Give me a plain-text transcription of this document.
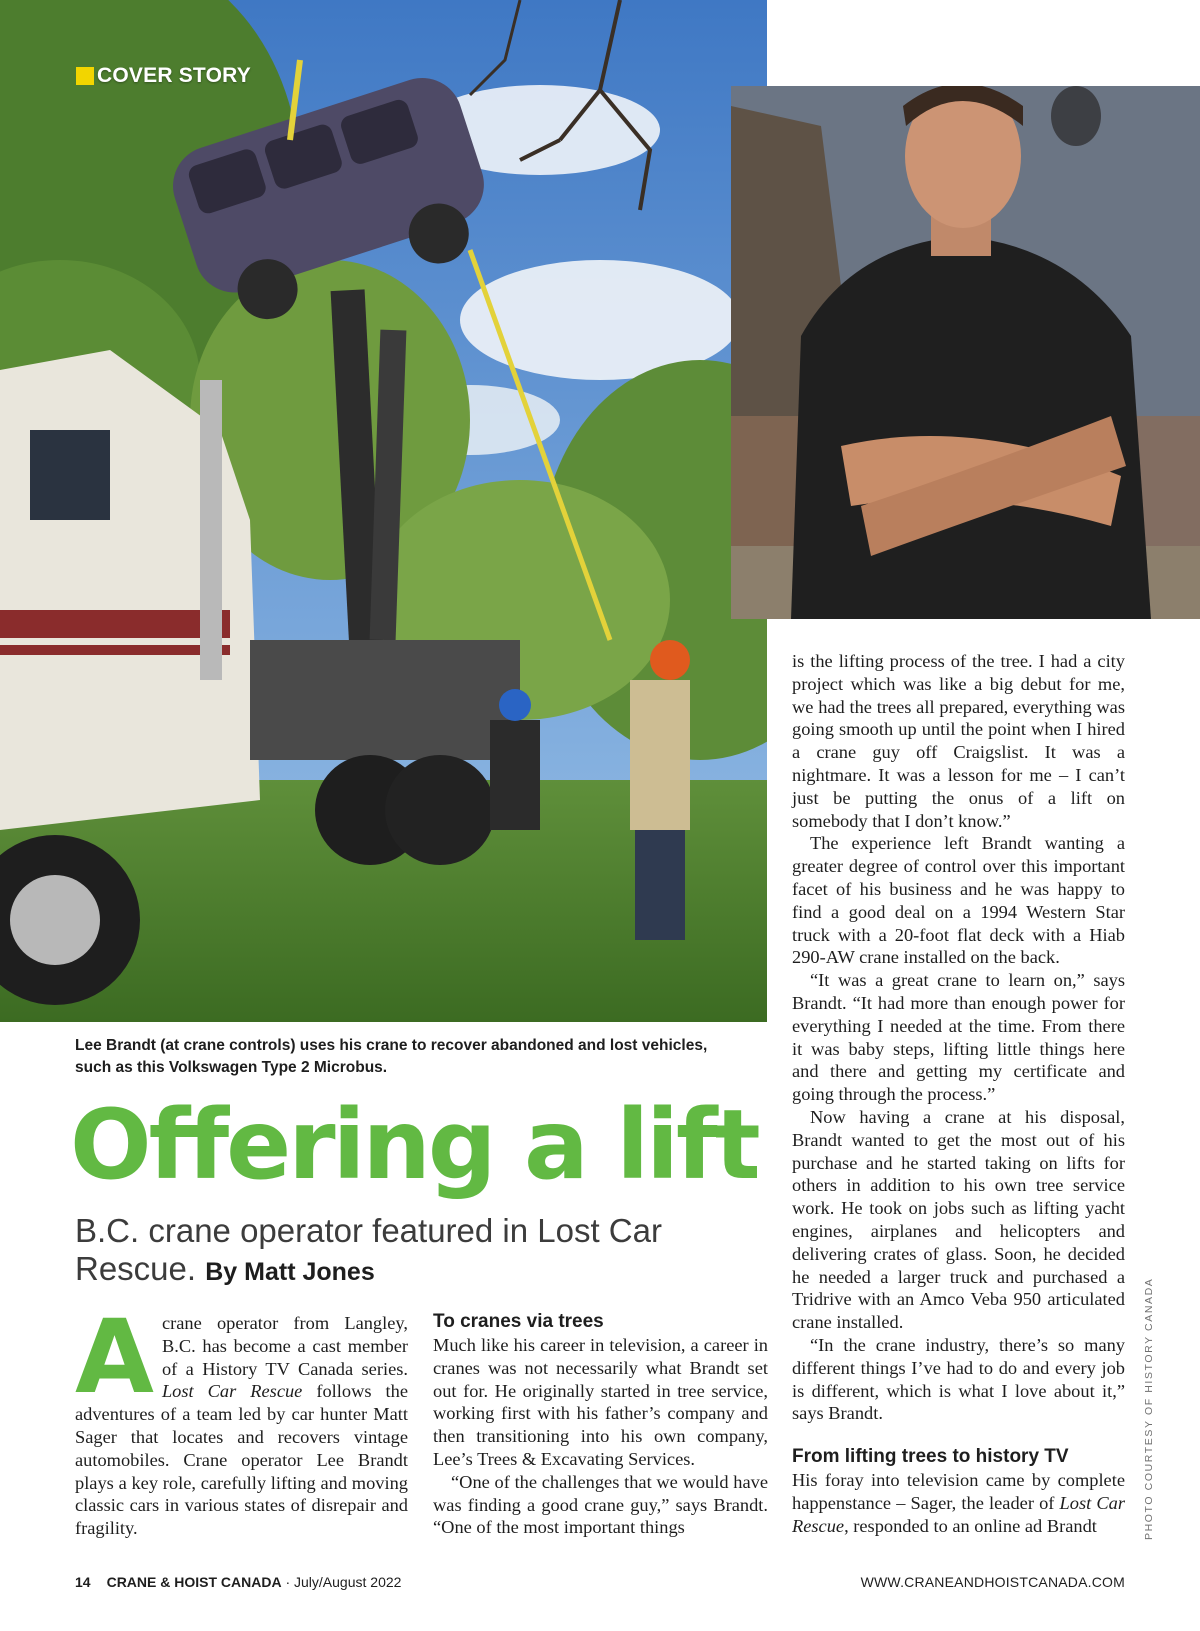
COVER STORY
Lee Brandt (at crane controls) uses his crane to recover abandoned and lost vehicles, such as this Volkswagen Type 2 Microbus.
Offering a lift
B.C. crane operator featured in Lost Car Rescue. By Matt Jones
A crane operator from Langley, B.C. has become a cast member of a History TV Canada series. Lost Car Rescue follows the adventures of a team led by car hunter Matt Sager that locates and recovers vintage automobiles. Crane operator Lee Brandt plays a key role, carefully lifting and moving classic cars in various states of disrepair and fragility.

To cranes via trees

Much like his career in television, a career in cranes was not necessarily what Brandt set out for. He originally started in tree service, working first with his father’s company and then transitioning into his own company, Lee’s Trees & Excavating Services.

“One of the challenges that we would have was finding a good crane guy,” says Brandt. “One of the most important things

is the lifting process of the tree. I had a city project which was like a big debut for me, we had the trees all prepared, everything was going smooth up until the point when I hired a crane guy off Craigslist. It was a nightmare. It was a lesson for me – I can’t just be putting the onus of a lift on somebody that I don’t know.”

The experience left Brandt wanting a greater degree of control over this important facet of his business and he was happy to find a good deal on a 1994 Western Star truck with a 20-foot flat deck with a Hiab 290-AW crane installed on the back.

“It was a great crane to learn on,” says Brandt. “It had more than enough power for everything I needed at the time. From there it was baby steps, lifting little things here and there and getting my certificate and going through the process.”

Now having a crane at his disposal, Brandt wanted to get the most out of his purchase and he started taking on lifts for others in addition to his own tree service work. He took on jobs such as lifting yacht engines, airplanes and helicopters and delivering crates of glass. Soon, he decided he needed a larger truck and purchased a Tridrive with an Amco Veba 950 articulated crane installed.

“In the crane industry, there’s so many different things I’ve had to do and every job is different, which is what I love about it,” says Brandt.

From lifting trees to history TV

His foray into television came by complete happenstance – Sager, the leader of Lost Car Rescue, responded to an online ad Brandt	PHOTO COURTESY OF HISTORY CANADA
14 CRANE & HOIST CANADA · July/August 2022	WWW.CRANEANDHOISTCANADA.COM
